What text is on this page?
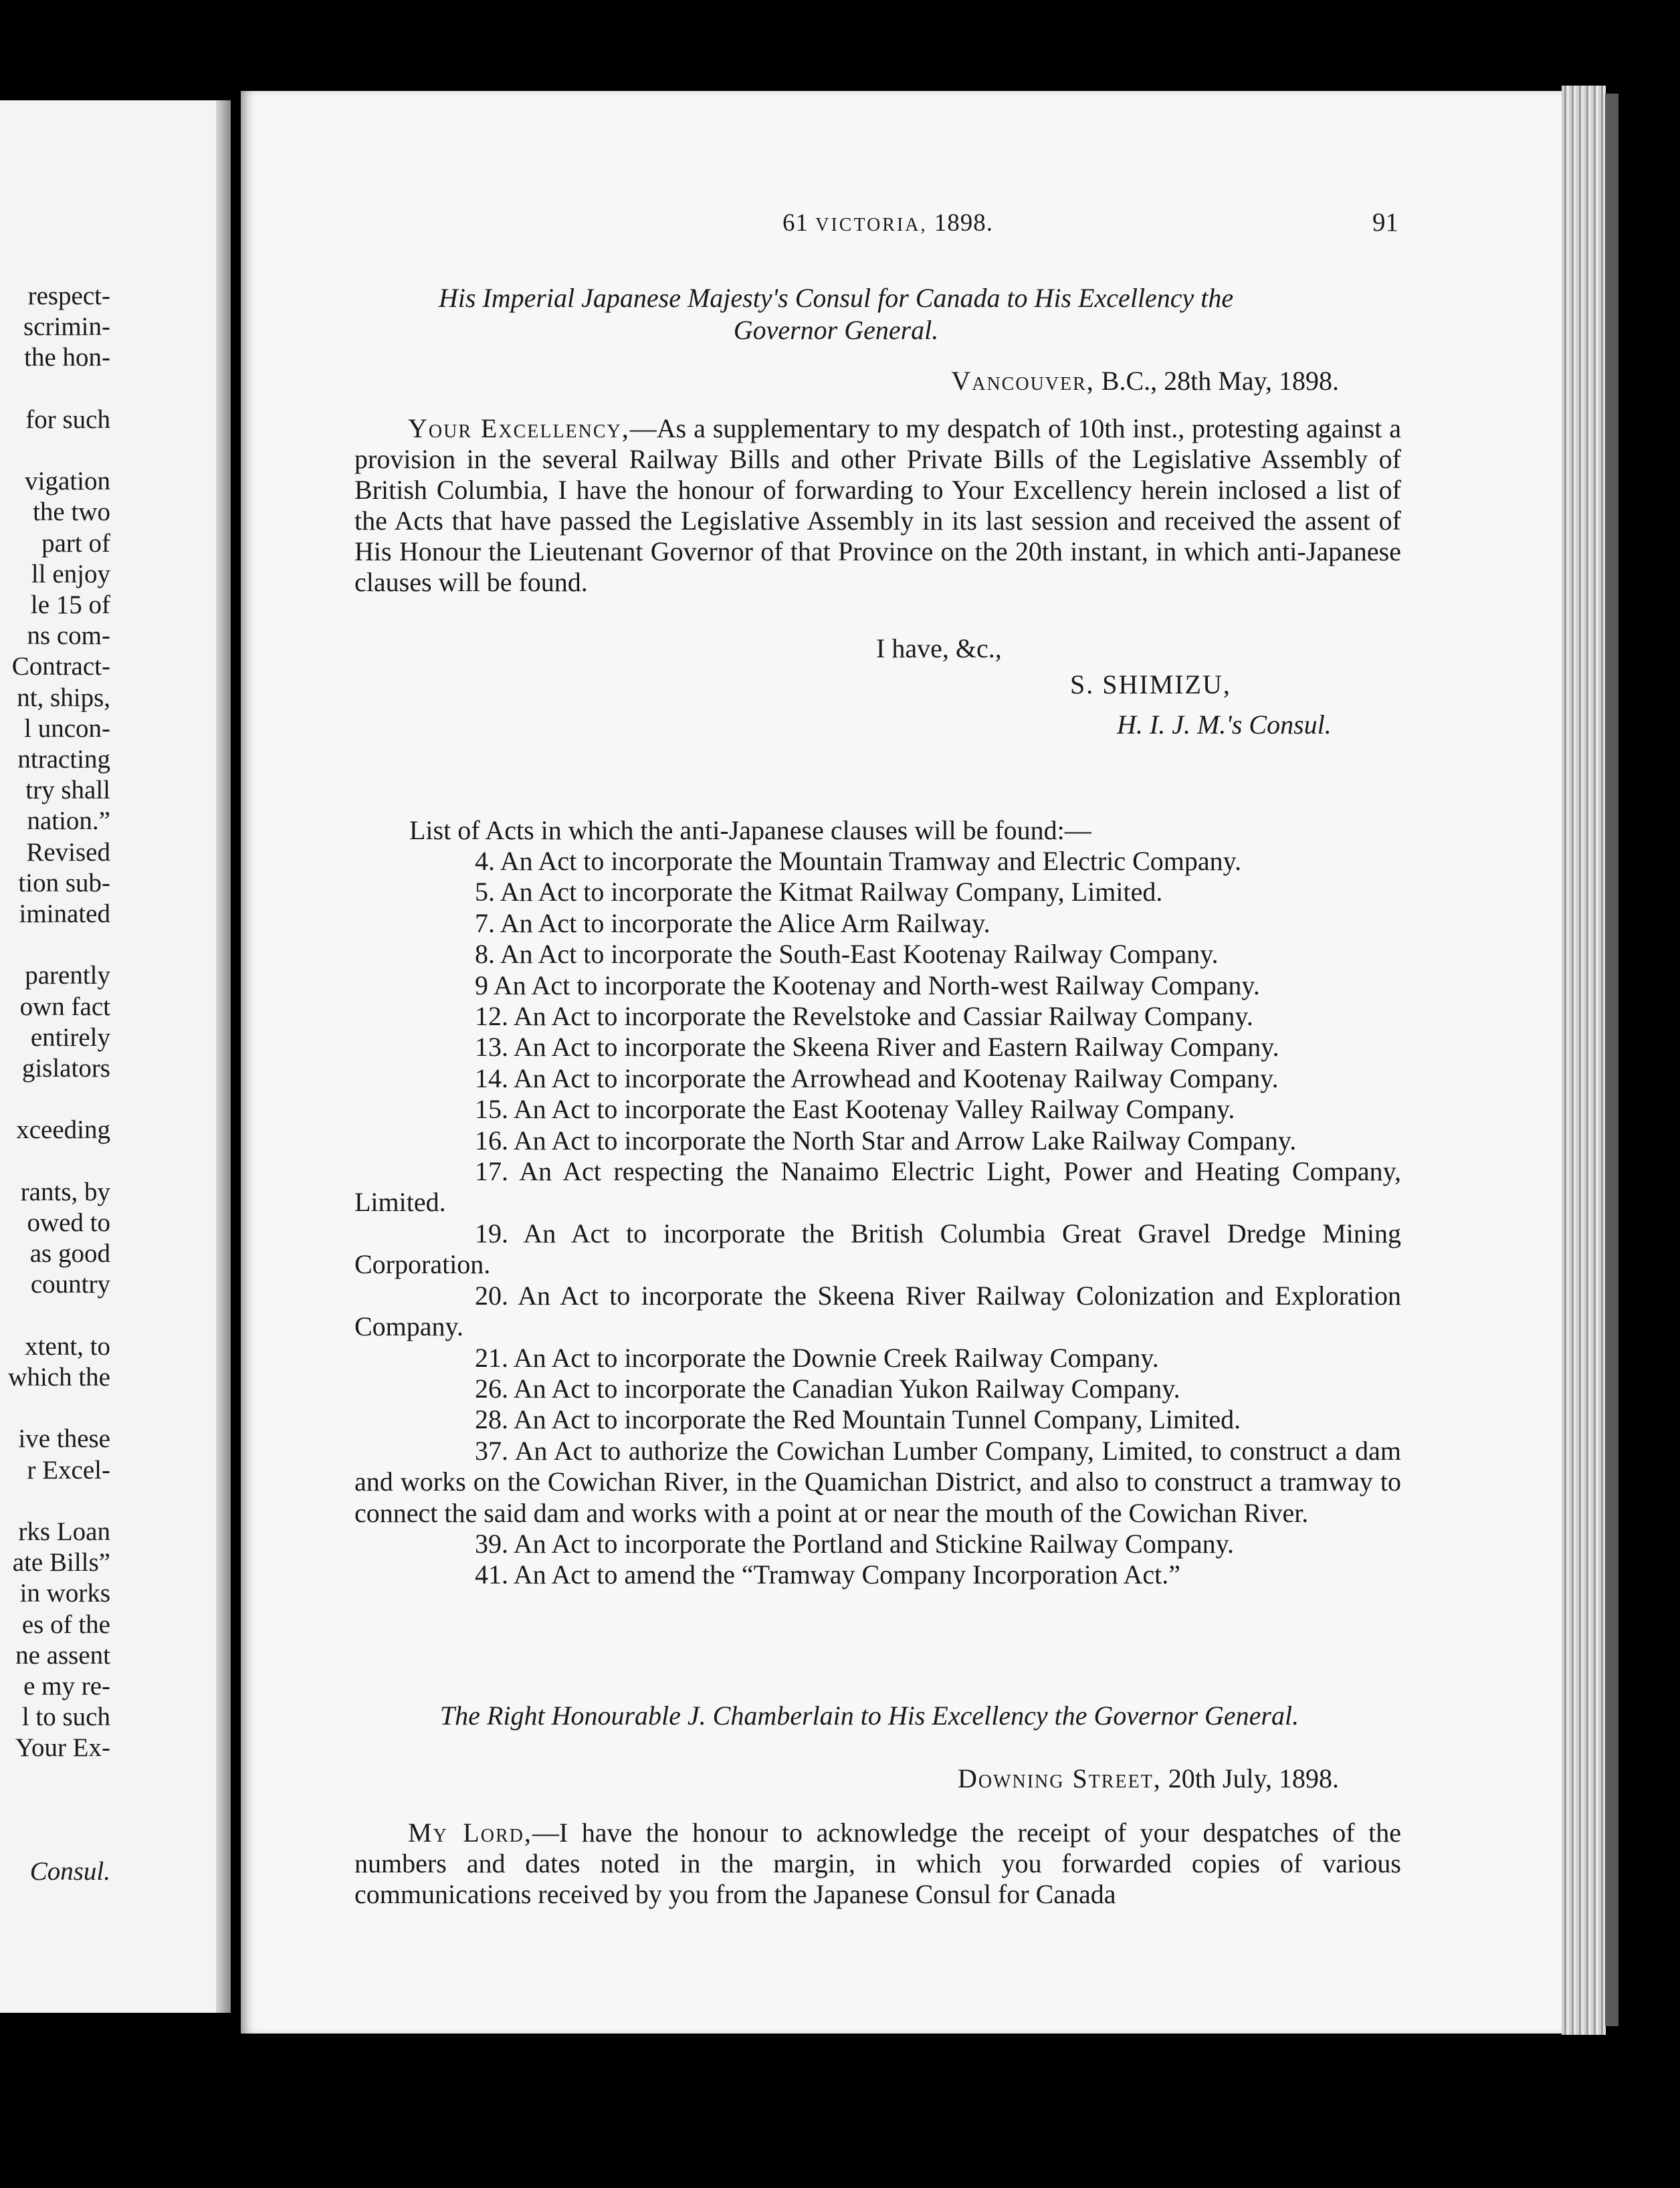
respect-
scrimin-
the hon-
for such
vigation
the two
part of
ll enjoy
le 15 of
ns com-
Contract-
nt, ships,
l uncon-
ntracting
try shall
nation.”
Revised
tion sub-
iminated
parently
own fact
entirely
gislators
xceeding
rants, by
owed to
as good
country
xtent, to
which the
ive these
r Excel-
rks Loan
ate Bills”
in works
es of the
ne assent
e my re-
l to such
Your Ex-
Consul.
61 VICTORIA, 1898.	91
His Imperial Japanese Majesty's Consul for Canada to His Excellency the
Governor General.
Vancouver, B.C., 28th May, 1898.

Your Excellency,—As a supplementary to my despatch of 10th inst., protesting against a provision in the several Railway Bills and other Private Bills of the Legislative Assembly of British Columbia, I have the honour of forwarding to Your Excellency herein inclosed a list of the Acts that have passed the Legislative Assembly in its last session and received the assent of His Honour the Lieutenant Governor of that Province on the 20th instant, in which anti-Japanese clauses will be found.

I have, &c.,
S. SHIMIZU,
H. I. J. M.'s Consul.
List of Acts in which the anti-Japanese clauses will be found:—
4. An Act to incorporate the Mountain Tramway and Electric Company.
5. An Act to incorporate the Kitmat Railway Company, Limited.
7. An Act to incorporate the Alice Arm Railway.
8. An Act to incorporate the South-East Kootenay Railway Company.
9 An Act to incorporate the Kootenay and North-west Railway Company.
12. An Act to incorporate the Revelstoke and Cassiar Railway Company.
13. An Act to incorporate the Skeena River and Eastern Railway Company.
14. An Act to incorporate the Arrowhead and Kootenay Railway Company.
15. An Act to incorporate the East Kootenay Valley Railway Company.
16. An Act to incorporate the North Star and Arrow Lake Railway Company.
17. An Act respecting the Nanaimo Electric Light, Power and Heating Company, Limited.
19. An Act to incorporate the British Columbia Great Gravel Dredge Mining Corporation.
20. An Act to incorporate the Skeena River Railway Colonization and Exploration Company.
21. An Act to incorporate the Downie Creek Railway Company.
26. An Act to incorporate the Canadian Yukon Railway Company.
28. An Act to incorporate the Red Mountain Tunnel Company, Limited.
37. An Act to authorize the Cowichan Lumber Company, Limited, to construct a dam and works on the Cowichan River, in the Quamichan District, and also to construct a tramway to connect the said dam and works with a point at or near the mouth of the Cowichan River.
39. An Act to incorporate the Portland and Stickine Railway Company.
41. An Act to amend the “Tramway Company Incorporation Act.”
The Right Honourable J. Chamberlain to His Excellency the Governor General.
Downing Street, 20th July, 1898.

My Lord,—I have the honour to acknowledge the receipt of your despatches of the numbers and dates noted in the margin, in which you forwarded copies of various communications received by you from the Japanese Consul for Canada
